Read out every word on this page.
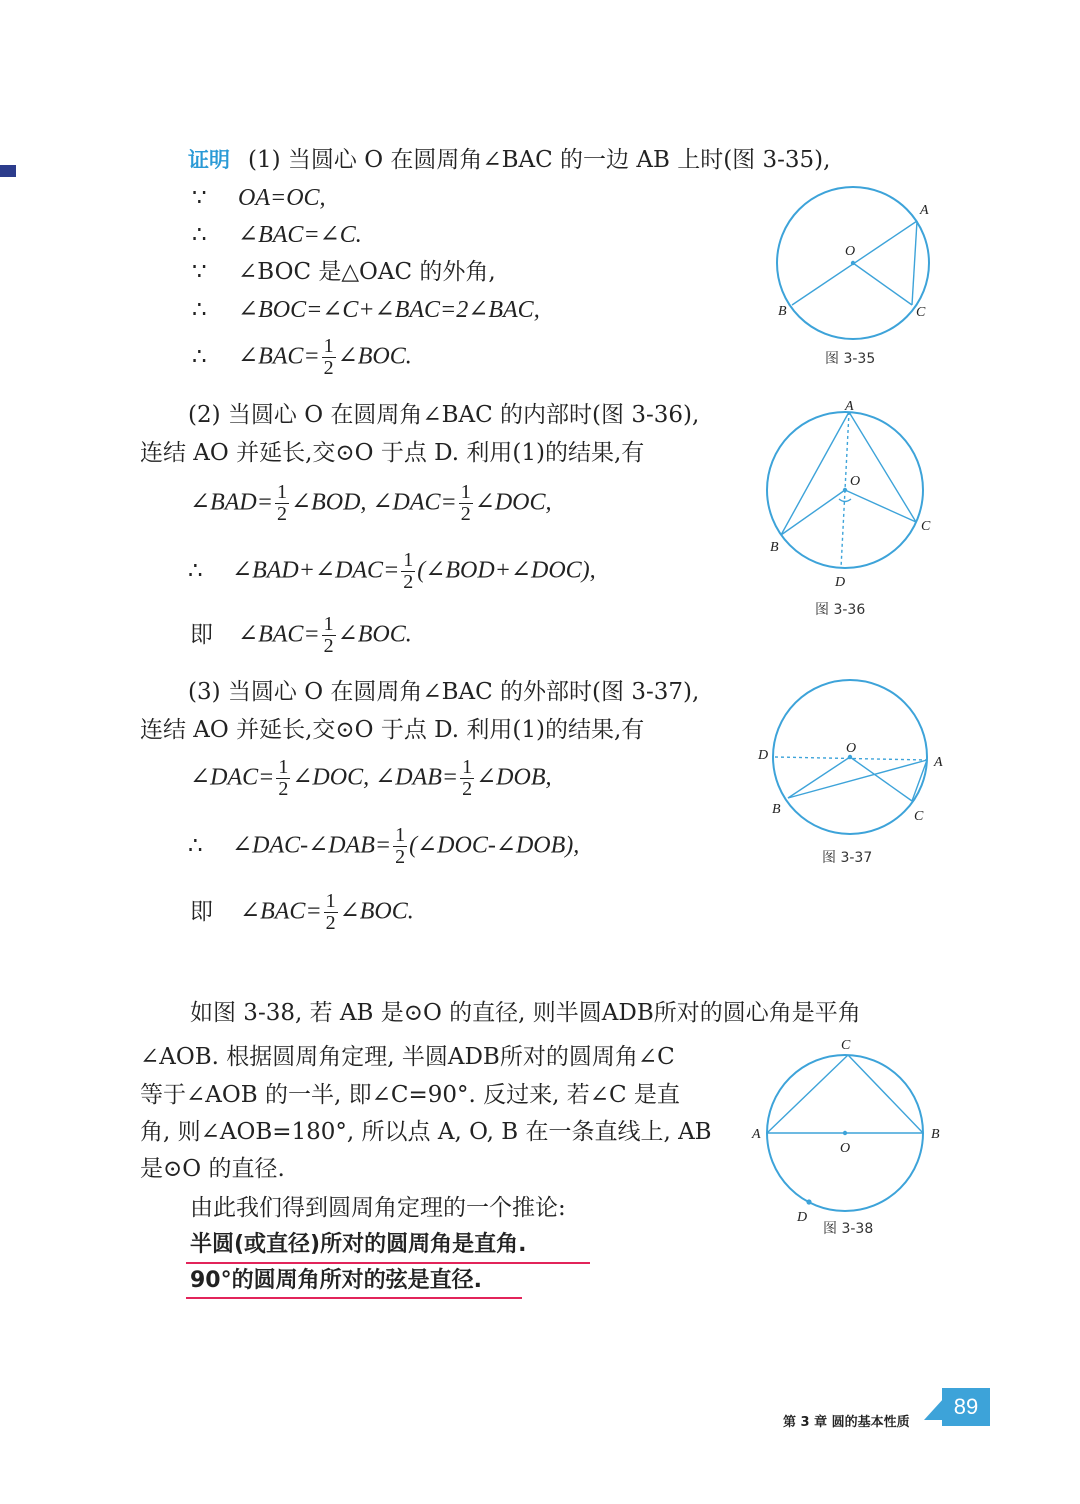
证明 (1) 当圆心 O 在圆周角∠BAC 的一边 AB 上时(图 3-35),
∵ OA=OC,
∴ ∠BAC=∠C.
∵ ∠BOC 是△OAC 的外角,
∴ ∠BOC=∠C+∠BAC=2∠BAC,
∴ ∠BAC= $\frac{1}{2}$ ∠BOC.
(2) 当圆心 O 在圆周角∠BAC 的内部时(图 3-36),
连结 AO 并延长,交⊙O 于点 D. 利用(1)的结果,有
∠BAD= $\frac{1}{2}$ ∠BOD, ∠DAC= $\frac{1}{2}$ ∠DOC,
∴ ∠BAD+∠DAC= $\frac{1}{2}$ (∠BOD+∠DOC),
即 ∠BAC= $\frac{1}{2}$ ∠BOC.
(3) 当圆心 O 在圆周角∠BAC 的外部时(图 3-37),
连结 AO 并延长,交⊙O 于点 D. 利用(1)的结果,有
∠DAC= $\frac{1}{2}$ ∠DOC, ∠DAB= $\frac{1}{2}$ ∠DOB,
∴ ∠DAC-∠DAB= $\frac{1}{2}$ (∠DOC-∠DOB),
即 ∠BAC= $\frac{1}{2}$ ∠BOC.
如图 3-38, 若 AB 是⊙O 的直径, 则半圆ADB所对的圆心角是平角
∠AOB. 根据圆周角定理, 半圆ADB所对的圆周角∠C
等于∠AOB 的一半, 即∠C=90°. 反过来, 若∠C 是直
角, 则∠AOB=180°, 所以点 A, O, B 在一条直线上, AB
是⊙O 的直径.
由此我们得到圆周角定理的一个推论:
半圆(或直径)所对的圆周角是直角.
90°的圆周角所对的弦是直径.
A
O
B	C
图 3-35
A
O
B
C
D
图 3-36
D	O
A
B	C
图 3-37
C
A
O
B
D
图 3-38
第 3 章 圆的基本性质
89
